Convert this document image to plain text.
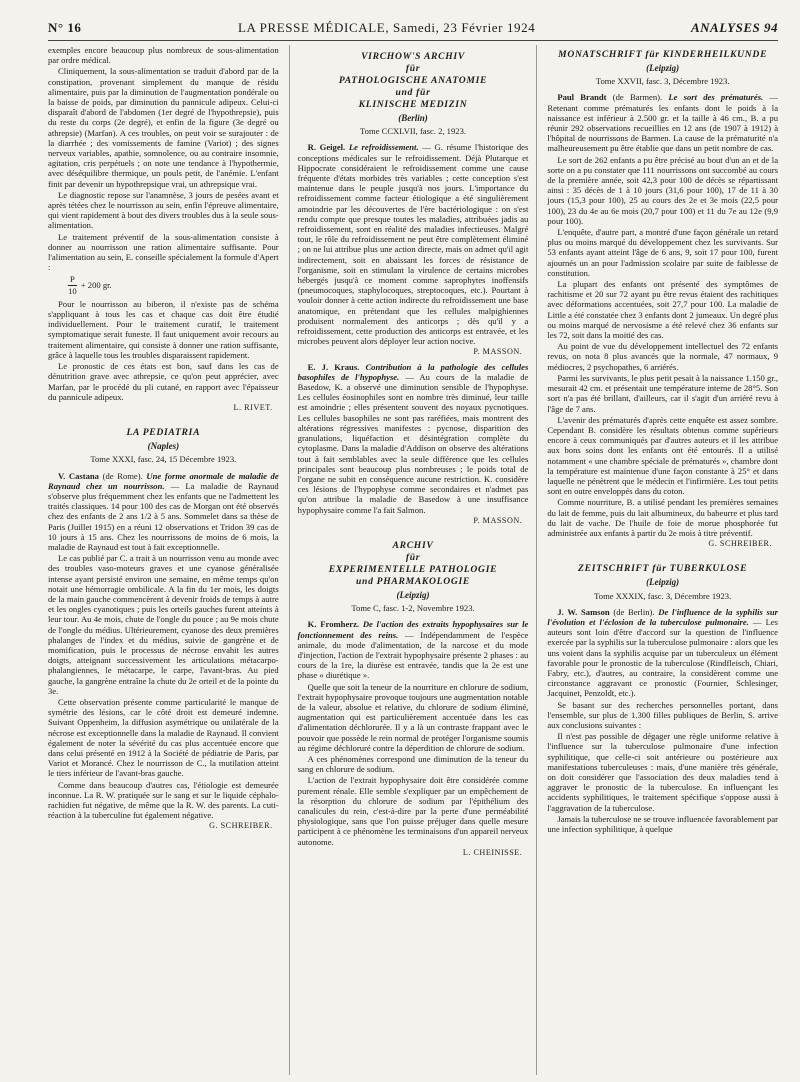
N° 16	LA PRESSE MÉDICALE, Samedi, 23 Février 1924	ANALYSES 94

exemples encore beaucoup plus nombreux de sous-alimentation par ordre médical.

Cliniquement, la sous-alimentation se traduit d'abord par de la constipation, provenant simplement du manque de résidu alimentaire, puis par la diminution de l'augmentation pondérale ou la baisse de poids, par diminution du pannicule adipeux. Celui-ci disparaît d'abord de l'abdomen (1er degré de l'hypothrepsie), puis du reste du corps (2e degré), et enfin de la figure (3e degré ou athrepsie) (Marfan). A ces troubles, on peut voir se surajouter : de la diarrhée ; des vomissements de famine (Variot) ; des signes nerveux variables, apathie, somnolence, ou au contraire insomnie, agitation, cris perpétuels ; on note une tendance à l'hypothermie, avec déséquilibre thermique, un pouls petit, de l'anémie. L'enfant finit par devenir un hypothrepsique vrai, un athrepsique vrai.

Le diagnostic repose sur l'anamnèse, 3 jours de pesées avant et après tétées chez le nourrisson au sein, enfin l'épreuve alimentaire, qui vient rapidement à bout des divers troubles dus à la seule sous-alimentation.

Le traitement préventif de la sous-alimentation consiste à donner au nourrisson une ration alimentaire suffisante. Pour l'alimentation au sein, E. conseille spécialement la formule d'Apert :

$\frac{P}{10} + 200$ gr.

Pour le nourrisson au biberon, il n'existe pas de schéma s'appliquant à tous les cas et chaque cas doit être étudié individuellement. Pour le traitement curatif, le traitement symptomatique serait funeste. Il faut uniquement avoir recours au traitement alimentaire, qui consiste à donner une ration suffisante, grâce à laquelle tous les troubles disparaissent rapidement.

Le pronostic de ces états est bon, sauf dans les cas de dénutrition grave avec athrepsie, ce qu'on peut apprécier, avec Marfan, par le procédé du pli cutané, en rapport avec l'épaisseur du pannicule adipeux.

L. RIVET.
LA PEDIATRIA
(Naples)
Tome XXXI, fasc. 24, 15 Décembre 1923.

V. Castana (de Rome). Une forme anormale de maladie de Raynaud chez un nourrisson. — La maladie de Raynaud s'observe plus fréquemment chez les enfants que ne l'admettent les traités classiques. 14 pour 100 des cas de Morgan ont été observés chez des enfants de 2 ans 1/2 à 5 ans. Sommelet dans sa thèse de Paris (Juillet 1915) en a réuni 12 observations et Tridon 39 cas de 10 jours à 15 ans. Chez les nourrissons de moins de 6 mois, la maladie de Raynaud est tout à fait exceptionnelle.

Le cas publié par C. a trait à un nourrisson venu au monde avec des troubles vaso-moteurs graves et une cyanose généralisée intense ayant persisté environ une semaine, en même temps qu'on notait une hémorragie ombilicale. A la fin du 1er mois, les doigts de la main gauche commencèrent à devenir froids de temps à autre et les ongles cyanotiques ; puis les orteils gauches furent atteints à leur tour. Au 4e mois, chute de l'ongle du pouce ; au 9e mois chute de l'ongle du médius. Ultérieurement, cyanose des deux premières phalanges de l'index et du médius, suivie de gangrène et de momification, puis le processus de nécrose envahit les autres doigts, atteignant successivement les articulations métacarpo-phalangiennes, le métacarpe, le carpe, l'avant-bras. Au pied gauche, la gangrène entraîne la chute du 2e orteil et de la pointe du 3e.

Cette observation présente comme particularité le manque de symétrie des lésions, car le côté droit est demeuré indemne. Suivant Oppenheim, la diffusion asymétrique ou unilatérale de la nécrose est exceptionnelle dans la maladie de Raynaud. Il convient également de noter la sévérité du cas plus accentuée encore que dans celui présenté en 1912 à la Société de pédiatrie de Paris, par Variot et Morancé. Chez le nourrisson de C., la mutilation atteint le tiers inférieur de l'avant-bras gauche.

Comme dans beaucoup d'autres cas, l'étiologie est demeurée inconnue. La R. W. pratiquée sur le sang et sur le liquide céphalo-rachidien fut négative, de même que la R. W. des parents. La cuti-réaction à la tuberculine fut également négative.

G. SCHREIBER.
VIRCHOW'S ARCHIV
für
PATHOLOGISCHE ANATOMIE
und für
KLINISCHE MEDIZIN
(Berlin)
Tome CCXLVII, fasc. 2, 1923.

R. Geigel. Le refroidissement. — G. résume l'historique des conceptions médicales sur le refroidissement. Déjà Plutarque et Hippocrate considéraient le refroidissement comme une cause fréquente d'états morbides très variables ; cette conception s'est maintenue dans le peuple jusqu'à nos jours. L'importance du refroidissement comme facteur étiologique a été singulièrement amoindrie par les découvertes de l'ère bactériologique : on s'est rendu compte que presque toutes les maladies, attribuées jadis au refroidissement, sont en réalité des maladies infectieuses. Malgré tout, le rôle du refroidissement ne peut être complètement éliminé ; on ne lui attribue plus une action directe, mais on admet qu'il agit indirectement, soit en abaissant les forces de résistance de l'organisme, soit en stimulant la virulence de certains microbes hébergés jusqu'à ce moment comme saprophytes inoffensifs (pneumocoques, staphylocoques, streptocoques, etc.). Pourtant à vouloir donner à cette action indirecte du refroidissement une base anatomique, en prétendant que les cellules malpighiennes produisent normalement des anticorps ; dès qu'il y a refroidissement, cette production des anticorps est entravée, et les microbes peuvent alors déployer leur action nocive.

P. MASSON.

E. J. Kraus. Contribution à la pathologie des cellules basophiles de l'hypophyse. — Au cours de la maladie de Basedow, K. a observé une diminution sensible de l'hypophyse. Les cellules éosinophiles sont en nombre très diminué, leur taille est amoindrie ; elles présentent souvent des noyaux pycnotiques. Les cellules basophiles ne sont pas raréfiées, mais montrent des altérations régressives manifestes : pycnose, disparition des granulations, liquéfaction et désintégration complète du cytoplasme. Dans la maladie d'Addison on observe des altérations tout à fait semblables avec la seule différence que les cellules principales sont beaucoup plus nombreuses ; le poids total de l'organe ne subit en conséquence aucune restriction. K. considère ces lésions de l'hypophyse comme secondaires et n'admet pas qu'on attribue la maladie de Basedow à une insuffisance hypophysaire comme l'a fait Salmon.

P. MASSON.
ARCHIV
für
EXPERIMENTELLE PATHOLOGIE
und PHARMAKOLOGIE
(Leipzig)
Tome C, fasc. 1-2, Novembre 1923.

K. Fromherz. De l'action des extraits hypophysaires sur le fonctionnement des reins. — Indépendamment de l'espèce animale, du mode d'alimentation, de la narcose et du mode d'injection, l'action de l'extrait hypophysaire présente 2 phases : au cours de la 1re, la diurèse est entravée, tandis que la 2e est une phase « diurétique ».

Quelle que soit la teneur de la nourriture en chlorure de sodium, l'extrait hypophysaire provoque toujours une augmentation notable de la valeur, absolue et relative, du chlorure de sodium éliminé, augmentation qui est particulièrement accentuée dans les cas d'alimentation déchlorurée. Il y a là un contraste frappant avec le pouvoir que possède le rein normal de protéger l'organisme soumis au régime déchloruré contre la déperdition de chlorure de sodium.

A ces phénomènes correspond une diminution de la teneur du sang en chlorure de sodium.

L'action de l'extrait hypophysaire doit être considérée comme purement rénale. Elle semble s'expliquer par un empêchement de la résorption du chlorure de sodium par l'épithélium des canalicules du rein, c'est-à-dire par la perte d'une perméabilité physiologique, sans que l'on puisse préjuger dans quelle mesure participent à ce phénomène les terminaisons d'un appareil nerveux autonome.

L. CHEINISSE.
MONATSCHRIFT für KINDERHEILKUNDE
(Leipzig)
Tome XXVII, fasc. 3, Décembre 1923.

Paul Brandt (de Barmen). Le sort des prématurés. — Retenant comme prématurés les enfants dont le poids à la naissance est inférieur à 2.500 gr. et la taille à 46 cm., B. a pu réunir 292 observations recueillies en 12 ans (de 1907 à 1912) à l'hôpital de nourrissons de Barmen. La cause de la prématurité n'a malheureusement pu être établie que dans un petit nombre de cas.

Le sort de 262 enfants a pu être précisé au bout d'un an et de la sorte on a pu constater que 111 nourrissons ont succombé au cours de la première année, soit 42,3 pour 100 de décès se répartissant ainsi : 35 décès de 1 à 10 jours (31,6 pour 100), 17 de 11 à 30 jours (15,3 pour 100), 25 au cours des 2e et 3e mois (22,5 pour 100), 23 du 4e au 6e mois (20,7 pour 100) et 11 du 7e au 12e (9,9 pour 100).

L'enquête, d'autre part, a montré d'une façon générale un retard plus ou moins marqué du développement chez les survivants. Sur 53 enfants ayant atteint l'âge de 6 ans, 9, soit 17 pour 100, furent ajournés un an pour l'admission scolaire par suite de faiblesse de constitution.

La plupart des enfants ont présenté des symptômes de rachitisme et 20 sur 72 ayant pu être revus étaient des rachitiques avec déformations accentuées, soit 27,7 pour 100. La maladie de Little a été constatée chez 3 enfants dont 2 jumeaux. Un degré plus ou moins marqué de nervosisme a été relevé chez 36 enfants sur les 72, soit dans la moitié des cas.

Au point de vue du développement intellectuel des 72 enfants revus, on nota 8 plus avancés que la normale, 47 normaux, 9 médiocres, 2 psychopathes, 6 arriérés.

Parmi les survivants, le plus petit pesait à la naissance 1.150 gr., mesurait 42 cm. et présentait une température interne de 28°5. Son sort n'a pas été brillant, d'ailleurs, car il s'agit d'un arriéré revu à l'âge de 7 ans.

L'avenir des prématurés d'après cette enquête est assez sombre. Cependant B. considère les résultats obtenus comme supérieurs encore à ceux communiqués par d'autres auteurs et il les attribue aux bons soins dont les enfants ont été entourés. Il a utilisé notamment « une chambre spéciale de prématurés », chambre dont la température est maintenue d'une façon constante à 25° et dans laquelle ne pénètrent que le médecin et l'infirmière. Les tout petits sont en outre enveloppés dans du coton.

Comme nourriture, B. a utilisé pendant les premières semaines du lait de femme, puis du lait albumineux, du babeurre et plus tard du lait de vache. De l'huile de foie de morue phosphorée fut administrée aux enfants à partir du 2e mois à titre préventif.

G. SCHREIBER.
ZEITSCHRIFT für TUBERKULOSE
(Leipzig)
Tome XXXIX, fasc. 3, Décembre 1923.

J. W. Samson (de Berlin). De l'influence de la syphilis sur l'évolution et l'éclosion de la tuberculose pulmonaire. — Les auteurs sont loin d'être d'accord sur la question de l'influence exercée par la syphilis sur la tuberculose pulmonaire : alors que les uns voient dans la syphilis acquise par un tuberculeux un élément favorable pour le pronostic de la tuberculose (Rindfleisch, Chiari, Fabry, etc.), d'autres, au contraire, la considèrent comme une circonstance aggravant ce pronostic (Fournier, Schlesinger, Jacquinet, Penzoldt, etc.).

Se basant sur des recherches personnelles portant, dans l'ensemble, sur plus de 1.300 filles publiques de Berlin, S. arrive aux conclusions suivantes :

Il n'est pas possible de dégager une règle uniforme relative à l'influence sur la tuberculose pulmonaire d'une infection syphilitique, que celle-ci soit antérieure ou postérieure aux manifestations tuberculeuses : mais, d'une manière très générale, on doit considérer que l'association des deux maladies tend à aggraver le pronostic de la tuberculose. En influençant les accidents syphilitiques, le traitement spécifique s'oppose aussi à l'aggravation de la tuberculose.

Jamais la tuberculose ne se trouve influencée favorablement par une infection syphilitique, à quelque
